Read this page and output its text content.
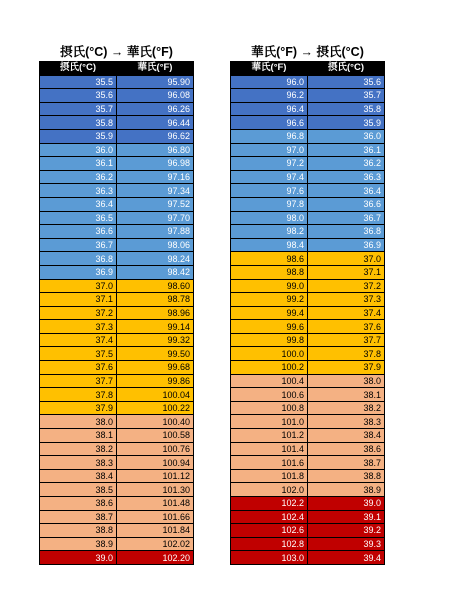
摂氏(°C) → 華氏(°F)
摂氏(°C)	華氏(°F)
35.5	95.90
35.6	96.08
35.7	96.26
35.8	96.44
35.9	96.62
36.0	96.80
36.1	96.98
36.2	97.16
36.3	97.34
36.4	97.52
36.5	97.70
36.6	97.88
36.7	98.06
36.8	98.24
36.9	98.42
37.0	98.60
37.1	98.78
37.2	98.96
37.3	99.14
37.4	99.32
37.5	99.50
37.6	99.68
37.7	99.86
37.8	100.04
37.9	100.22
38.0	100.40
38.1	100.58
38.2	100.76
38.3	100.94
38.4	101.12
38.5	101.30
38.6	101.48
38.7	101.66
38.8	101.84
38.9	102.02
39.0	102.20
華氏(°F) → 摂氏(°C)
華氏(°F)	摂氏(°C)
96.0	35.6
96.2	35.7
96.4	35.8
96.6	35.9
96.8	36.0
97.0	36.1
97.2	36.2
97.4	36.3
97.6	36.4
97.8	36.6
98.0	36.7
98.2	36.8
98.4	36.9
98.6	37.0
98.8	37.1
99.0	37.2
99.2	37.3
99.4	37.4
99.6	37.6
99.8	37.7
100.0	37.8
100.2	37.9
100.4	38.0
100.6	38.1
100.8	38.2
101.0	38.3
101.2	38.4
101.4	38.6
101.6	38.7
101.8	38.8
102.0	38.9
102.2	39.0
102.4	39.1
102.6	39.2
102.8	39.3
103.0	39.4
